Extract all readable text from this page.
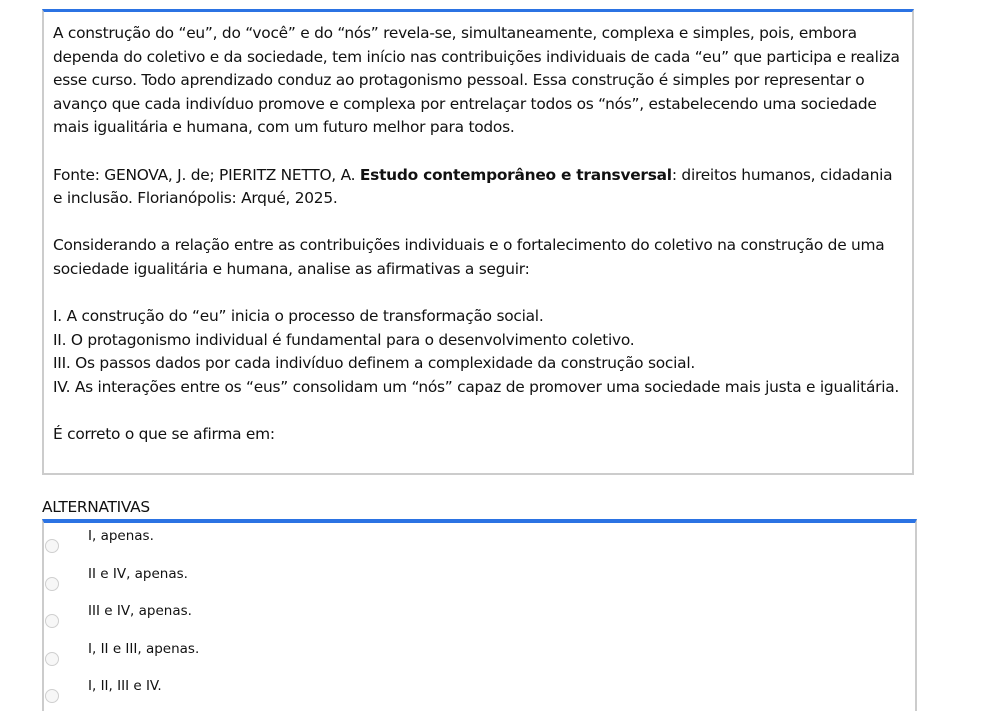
A construção do “eu”, do “você” e do “nós” revela-se, simultaneamente, complexa e simples, pois, embora dependa do coletivo e da sociedade, tem início nas contribuições individuais de cada “eu” que participa e realiza esse curso. Todo aprendizado conduz ao protagonismo pessoal. Essa construção é simples por representar o avanço que cada indivíduo promove e complexa por entrelaçar todos os “nós”, estabelecendo uma sociedade mais igualitária e humana, com um futuro melhor para todos.

Fonte: GENOVA, J. de; PIERITZ NETTO, A. Estudo contemporâneo e transversal: direitos humanos, cidadania e inclusão. Florianópolis: Arqué, 2025.

Considerando a relação entre as contribuições individuais e o fortalecimento do coletivo na construção de uma sociedade igualitária e humana, analise as afirmativas a seguir:

I. A construção do “eu” inicia o processo de transformação social.
II. O protagonismo individual é fundamental para o desenvolvimento coletivo.
III. Os passos dados por cada indivíduo definem a complexidade da construção social.
IV. As interações entre os “eus” consolidam um “nós” capaz de promover uma sociedade mais justa e igualitária.

É correto o que se afirma em:

ALTERNATIVAS
I, apenas.
II e IV, apenas.
III e IV, apenas.
I, II e III, apenas.
I, II, III e IV.
